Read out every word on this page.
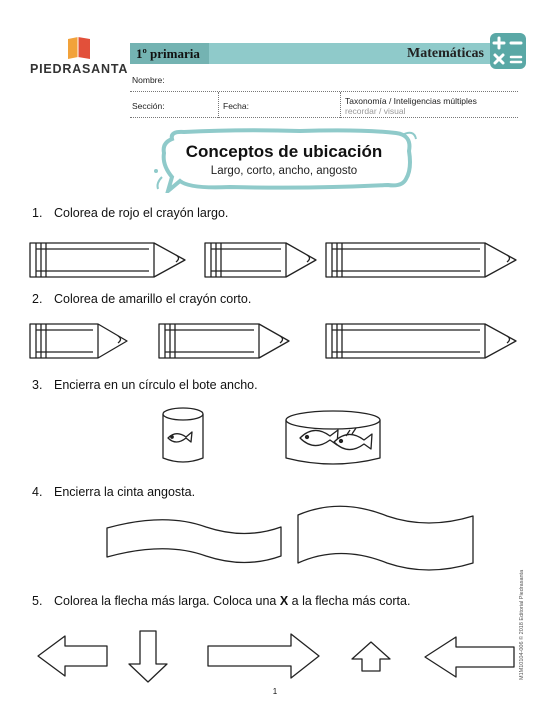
PIEDRASANTA
1º primaria	Matemáticas
Nombre:
Sección:	Fecha:	Taxonomía / Inteligencias múltiples
recordar / visual
Conceptos de ubicación
Largo, corto, ancho, angosto
1. Colorea de rojo el crayón largo.
2. Colorea de amarillo el crayón corto.
3. Encierra en un círculo el bote ancho.
4. Encierra la cinta angosta.
5. Colorea la flecha más larga. Coloca una X a la flecha más corta.
1
M1M10104-006 © 2018 Editorial Piedrasanta
